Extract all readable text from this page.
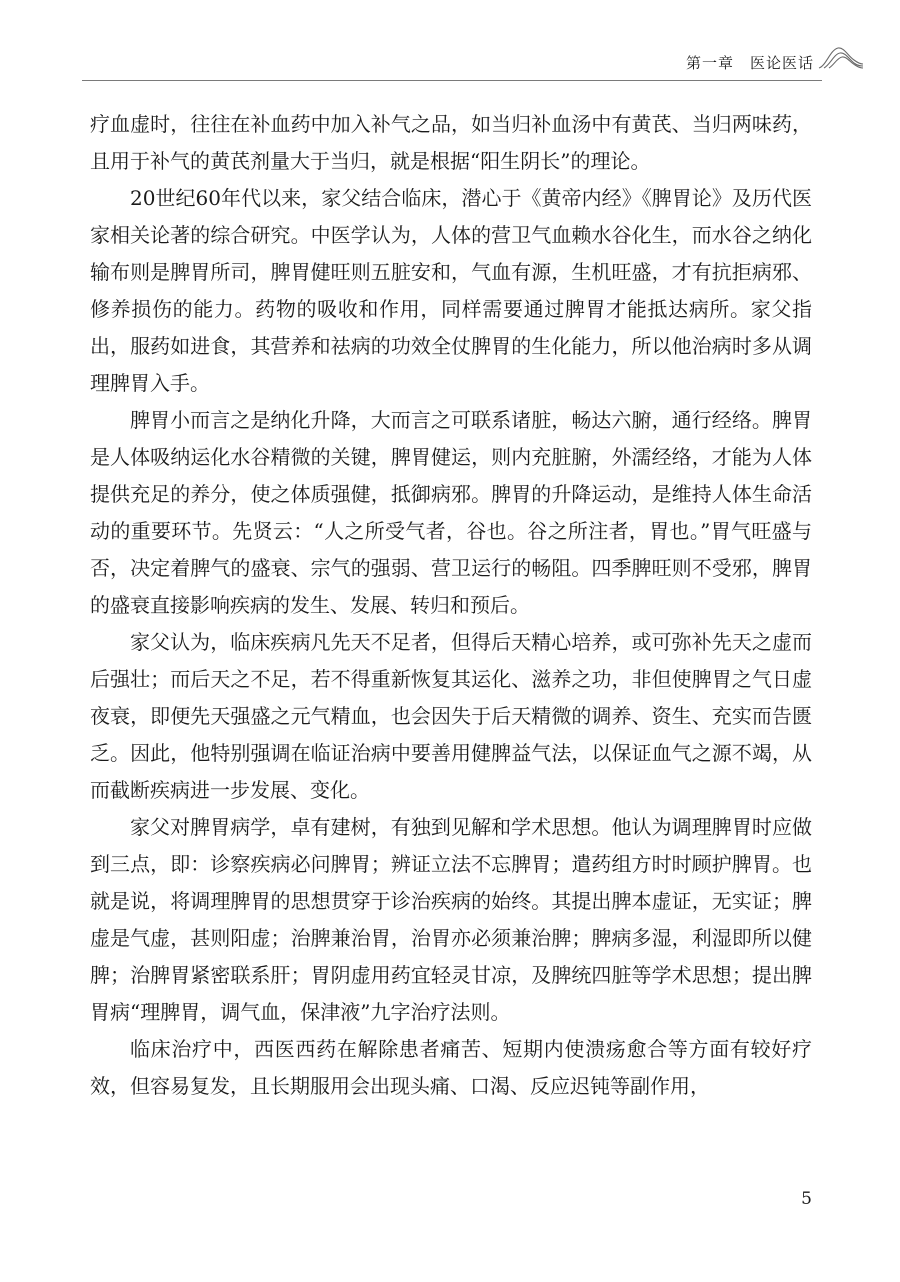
第一章 医论医话

疗血虚时，往往在补血药中加入补气之品，如当归补血汤中有黄芪、当归两味药，且用于补气的黄芪剂量大于当归，就是根据“阳生阴长”的理论。

20世纪60年代以来，家父结合临床，潜心于《黄帝内经》《脾胃论》及历代医家相关论著的综合研究。中医学认为，人体的营卫气血赖水谷化生，而水谷之纳化输布则是脾胃所司，脾胃健旺则五脏安和，气血有源，生机旺盛，才有抗拒病邪、修养损伤的能力。药物的吸收和作用，同样需要通过脾胃才能抵达病所。家父指出，服药如进食，其营养和祛病的功效全仗脾胃的生化能力，所以他治病时多从调理脾胃入手。

脾胃小而言之是纳化升降，大而言之可联系诸脏，畅达六腑，通行经络。脾胃是人体吸纳运化水谷精微的关键，脾胃健运，则内充脏腑，外濡经络，才能为人体提供充足的养分，使之体质强健，抵御病邪。脾胃的升降运动，是维持人体生命活动的重要环节。先贤云：“人之所受气者，谷也。谷之所注者，胃也。”胃气旺盛与否，决定着脾气的盛衰、宗气的强弱、营卫运行的畅阻。四季脾旺则不受邪，脾胃的盛衰直接影响疾病的发生、发展、转归和预后。

家父认为，临床疾病凡先天不足者，但得后天精心培养，或可弥补先天之虚而后强壮；而后天之不足，若不得重新恢复其运化、滋养之功，非但使脾胃之气日虚夜衰，即便先天强盛之元气精血，也会因失于后天精微的调养、资生、充实而告匮乏。因此，他特别强调在临证治病中要善用健脾益气法，以保证血气之源不竭，从而截断疾病进一步发展、变化。

家父对脾胃病学，卓有建树，有独到见解和学术思想。他认为调理脾胃时应做到三点，即：诊察疾病必问脾胃；辨证立法不忘脾胃；遣药组方时时顾护脾胃。也就是说，将调理脾胃的思想贯穿于诊治疾病的始终。其提出脾本虚证，无实证；脾虚是气虚，甚则阳虚；治脾兼治胃，治胃亦必须兼治脾；脾病多湿，利湿即所以健脾；治脾胃紧密联系肝；胃阴虚用药宜轻灵甘凉，及脾统四脏等学术思想；提出脾胃病“理脾胃，调气血，保津液”九字治疗法则。

临床治疗中，西医西药在解除患者痛苦、短期内使溃疡愈合等方面有较好疗效，但容易复发，且长期服用会出现头痛、口渴、反应迟钝等副作用，

5
